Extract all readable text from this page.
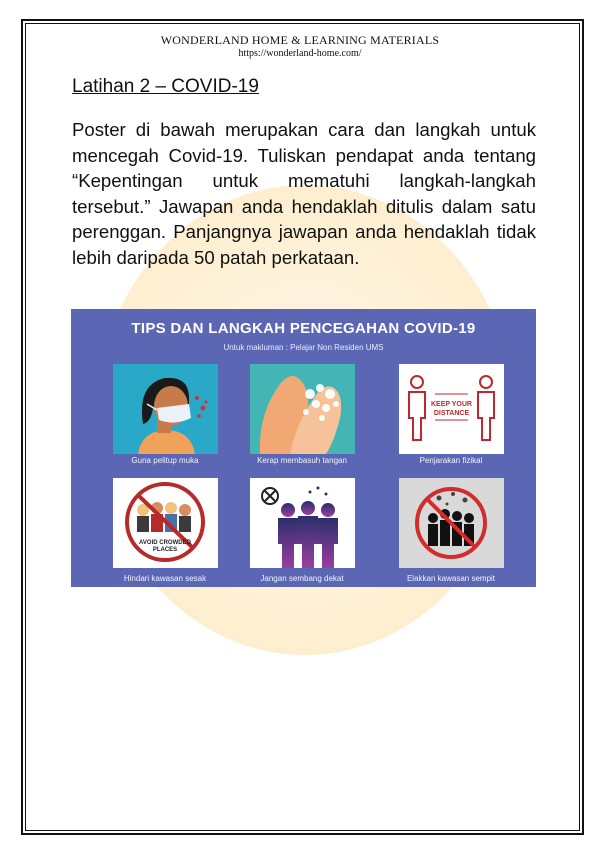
WONDERLAND HOME & LEARNING MATERIALS
https://wonderland-home.com/
Latihan 2 – COVID-19
Poster di bawah merupakan cara dan langkah untuk mencegah Covid-19. Tuliskan pendapat anda tentang “Kepentingan untuk mematuhi langkah-langkah tersebut.” Jawapan anda hendaklah ditulis dalam satu perenggan. Panjangnya jawapan anda hendaklah tidak lebih daripada 50 patah perkataan.
TIPS DAN LANGKAH PENCEGAHAN COVID-19
Untuk makluman : Pelajar Non Residen UMS
Guna pelitup muka	Kerap membasuh tangan
KEEP YOUR
DISTANCE
Penjarakan fizikal
AVOID CROWDED
PLACES
Hindari kawasan sesak	Jangan sembang dekat	Elakkan kawasan sempit
